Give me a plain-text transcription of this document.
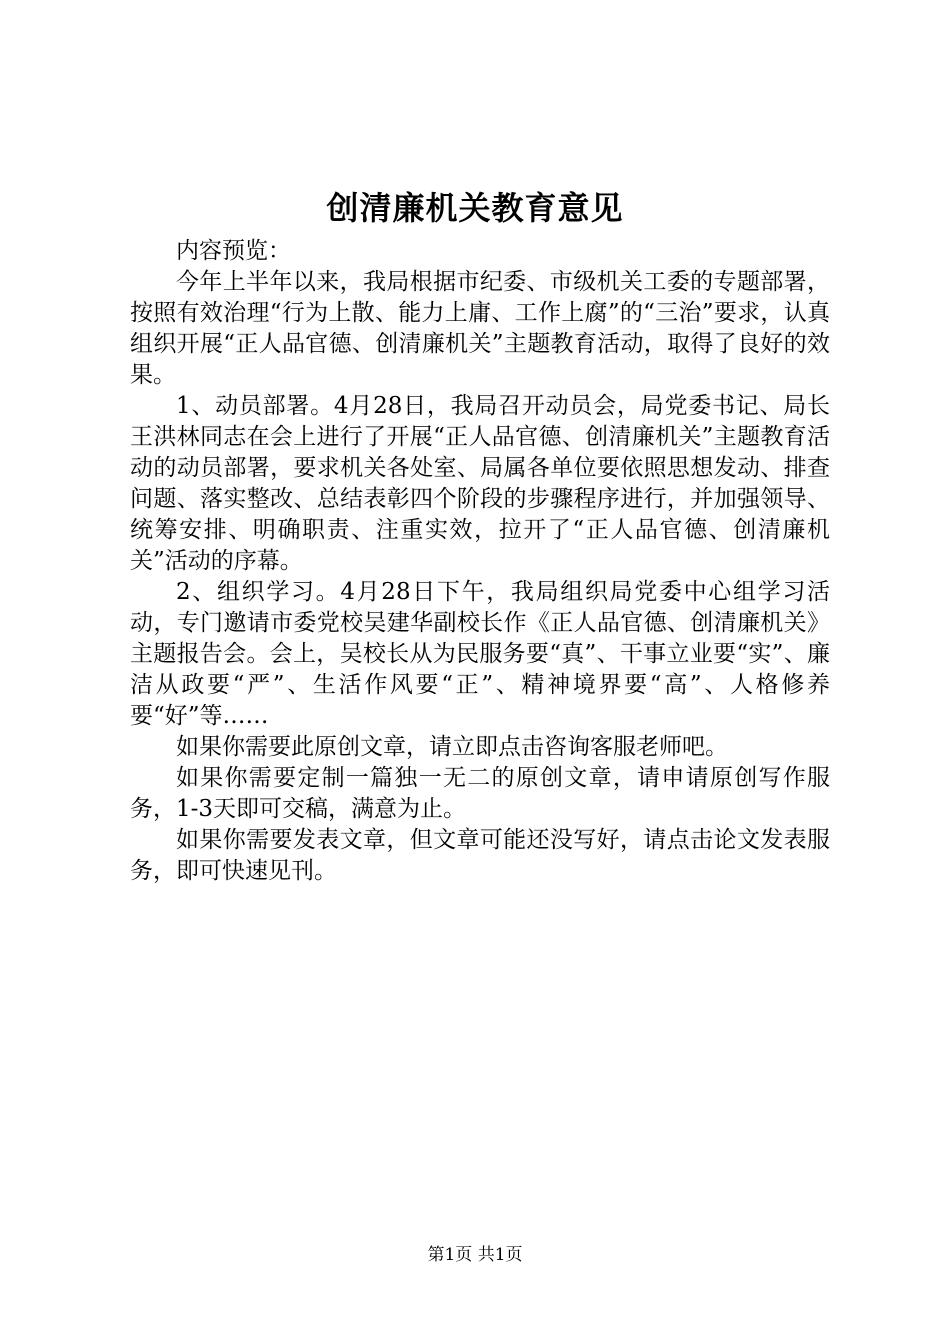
创清廉机关教育意见

内容预览：

今年上半年以来，我局根据市纪委、市级机关工委的专题部署，按照有效治理“行为上散、能力上庸、工作上腐”的“三治”要求，认真组织开展“正人品官德、创清廉机关”主题教育活动，取得了良好的效果。

1、动员部署。4月28日，我局召开动员会，局党委书记、局长王洪林同志在会上进行了开展“正人品官德、创清廉机关”主题教育活动的动员部署，要求机关各处室、局属各单位要依照思想发动、排查问题、落实整改、总结表彰四个阶段的步骤程序进行，并加强领导、统筹安排、明确职责、注重实效，拉开了“正人品官德、创清廉机关”活动的序幕。

2、组织学习。4月28日下午，我局组织局党委中心组学习活动，专门邀请市委党校吴建华副校长作《正人品官德、创清廉机关》主题报告会。会上，吴校长从为民服务要“真”、干事立业要“实”、廉洁从政要“严”、生活作风要“正”、精神境界要“高”、人格修养要“好”等……

如果你需要此原创文章，请立即点击咨询客服老师吧。

如果你需要定制一篇独一无二的原创文章，请申请原创写作服务，1-3天即可交稿，满意为止。

如果你需要发表文章，但文章可能还没写好，请点击论文发表服务，即可快速见刊。

第1页 共1页
